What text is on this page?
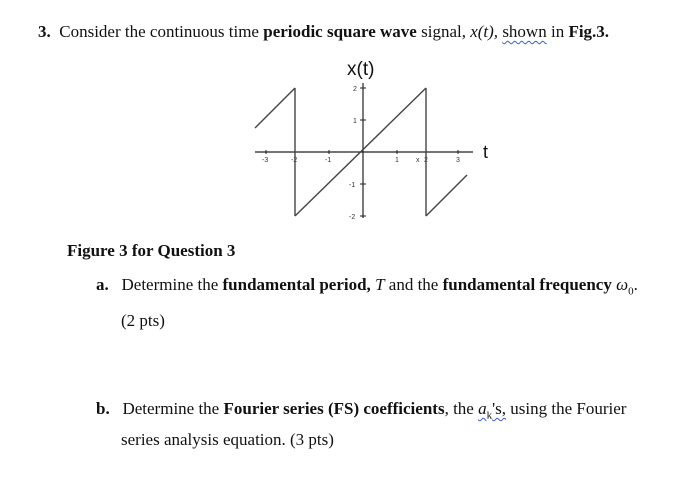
3. Consider the continuous time periodic square wave signal, x(t), shown in Fig.3.
x(t)
t
-3	-2	-1	1 x 2	3
2
1
-1
-2
Figure 3 for Question 3
a. Determine the fundamental period, T and the fundamental frequency $\omega_0$.
(2 pts)
b. Determine the Fourier series (FS) coefficients, the $a_k's$, using the Fourier
series analysis equation. (3 pts)
